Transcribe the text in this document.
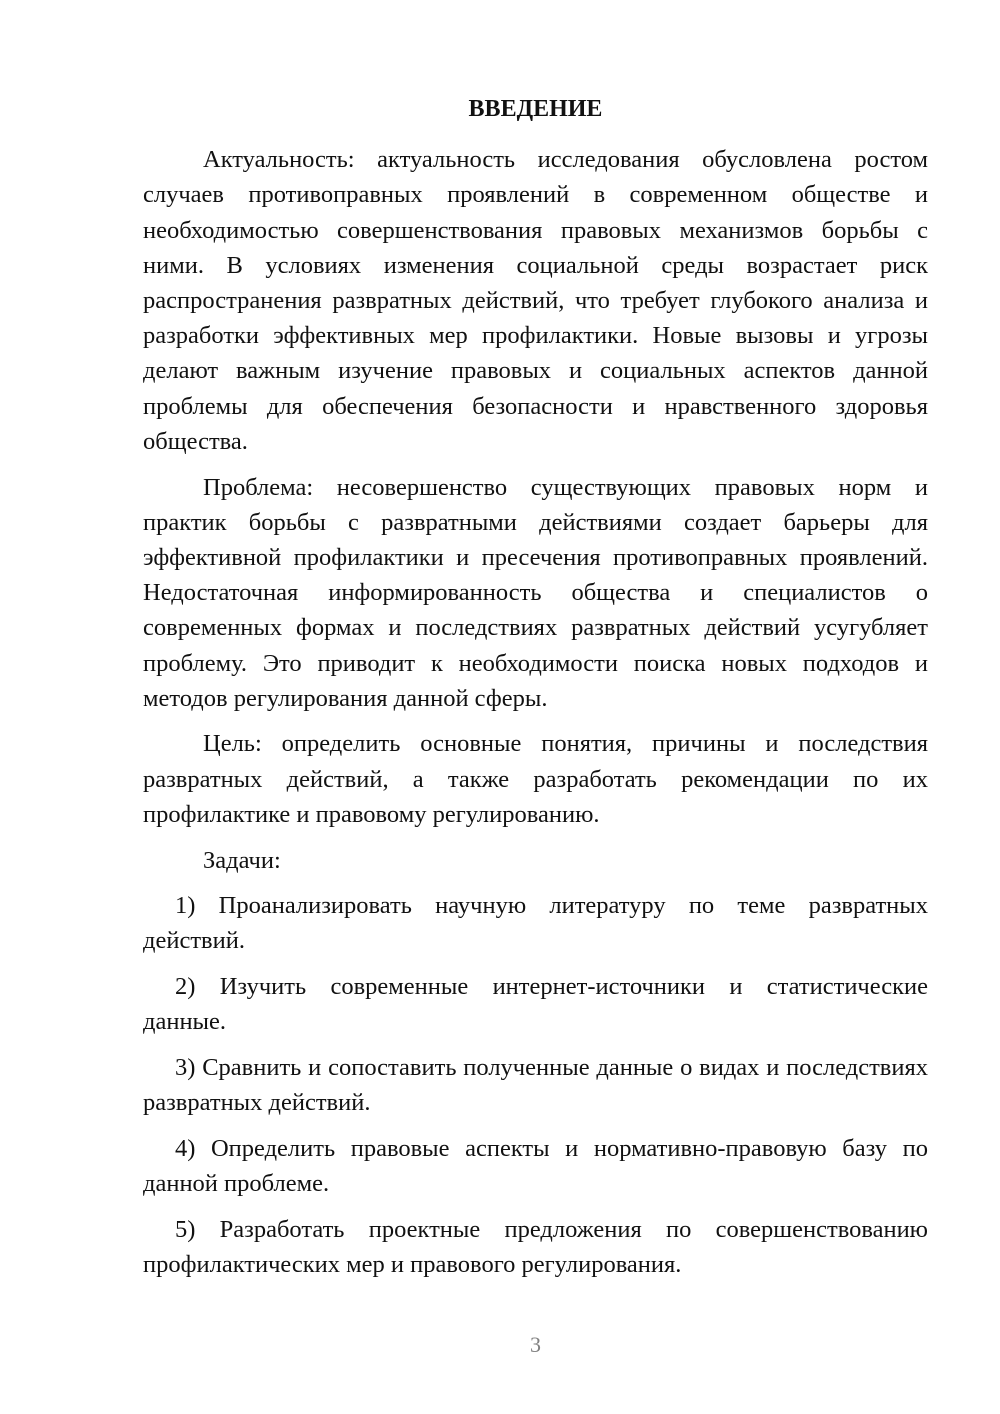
ВВЕДЕНИЕ
Актуальность: актуальность исследования обусловлена ростом
случаев противоправных проявлений в современном обществе и
необходимостью совершенствования правовых механизмов борьбы с
ними. В условиях изменения социальной среды возрастает риск
распространения развратных действий, что требует глубокого анализа и
разработки эффективных мер профилактики. Новые вызовы и угрозы
делают важным изучение правовых и социальных аспектов данной
проблемы для обеспечения безопасности и нравственного здоровья
общества.
Проблема: несовершенство существующих правовых норм и
практик борьбы с развратными действиями создает барьеры для
эффективной профилактики и пресечения противоправных проявлений.
Недостаточная информированность общества и специалистов о
современных формах и последствиях развратных действий усугубляет
проблему. Это приводит к необходимости поиска новых подходов и
методов регулирования данной сферы.
Цель: определить основные понятия, причины и последствия
развратных действий, а также разработать рекомендации по их
профилактике и правовому регулированию.
Задачи:
1) Проанализировать научную литературу по теме развратных
действий.
2) Изучить современные интернет-источники и статистические
данные.
3) Сравнить и сопоставить полученные данные о видах и последствиях
развратных действий.
4) Определить правовые аспекты и нормативно-правовую базу по
данной проблеме.
5) Разработать проектные предложения по совершенствованию
профилактических мер и правового регулирования.
3
